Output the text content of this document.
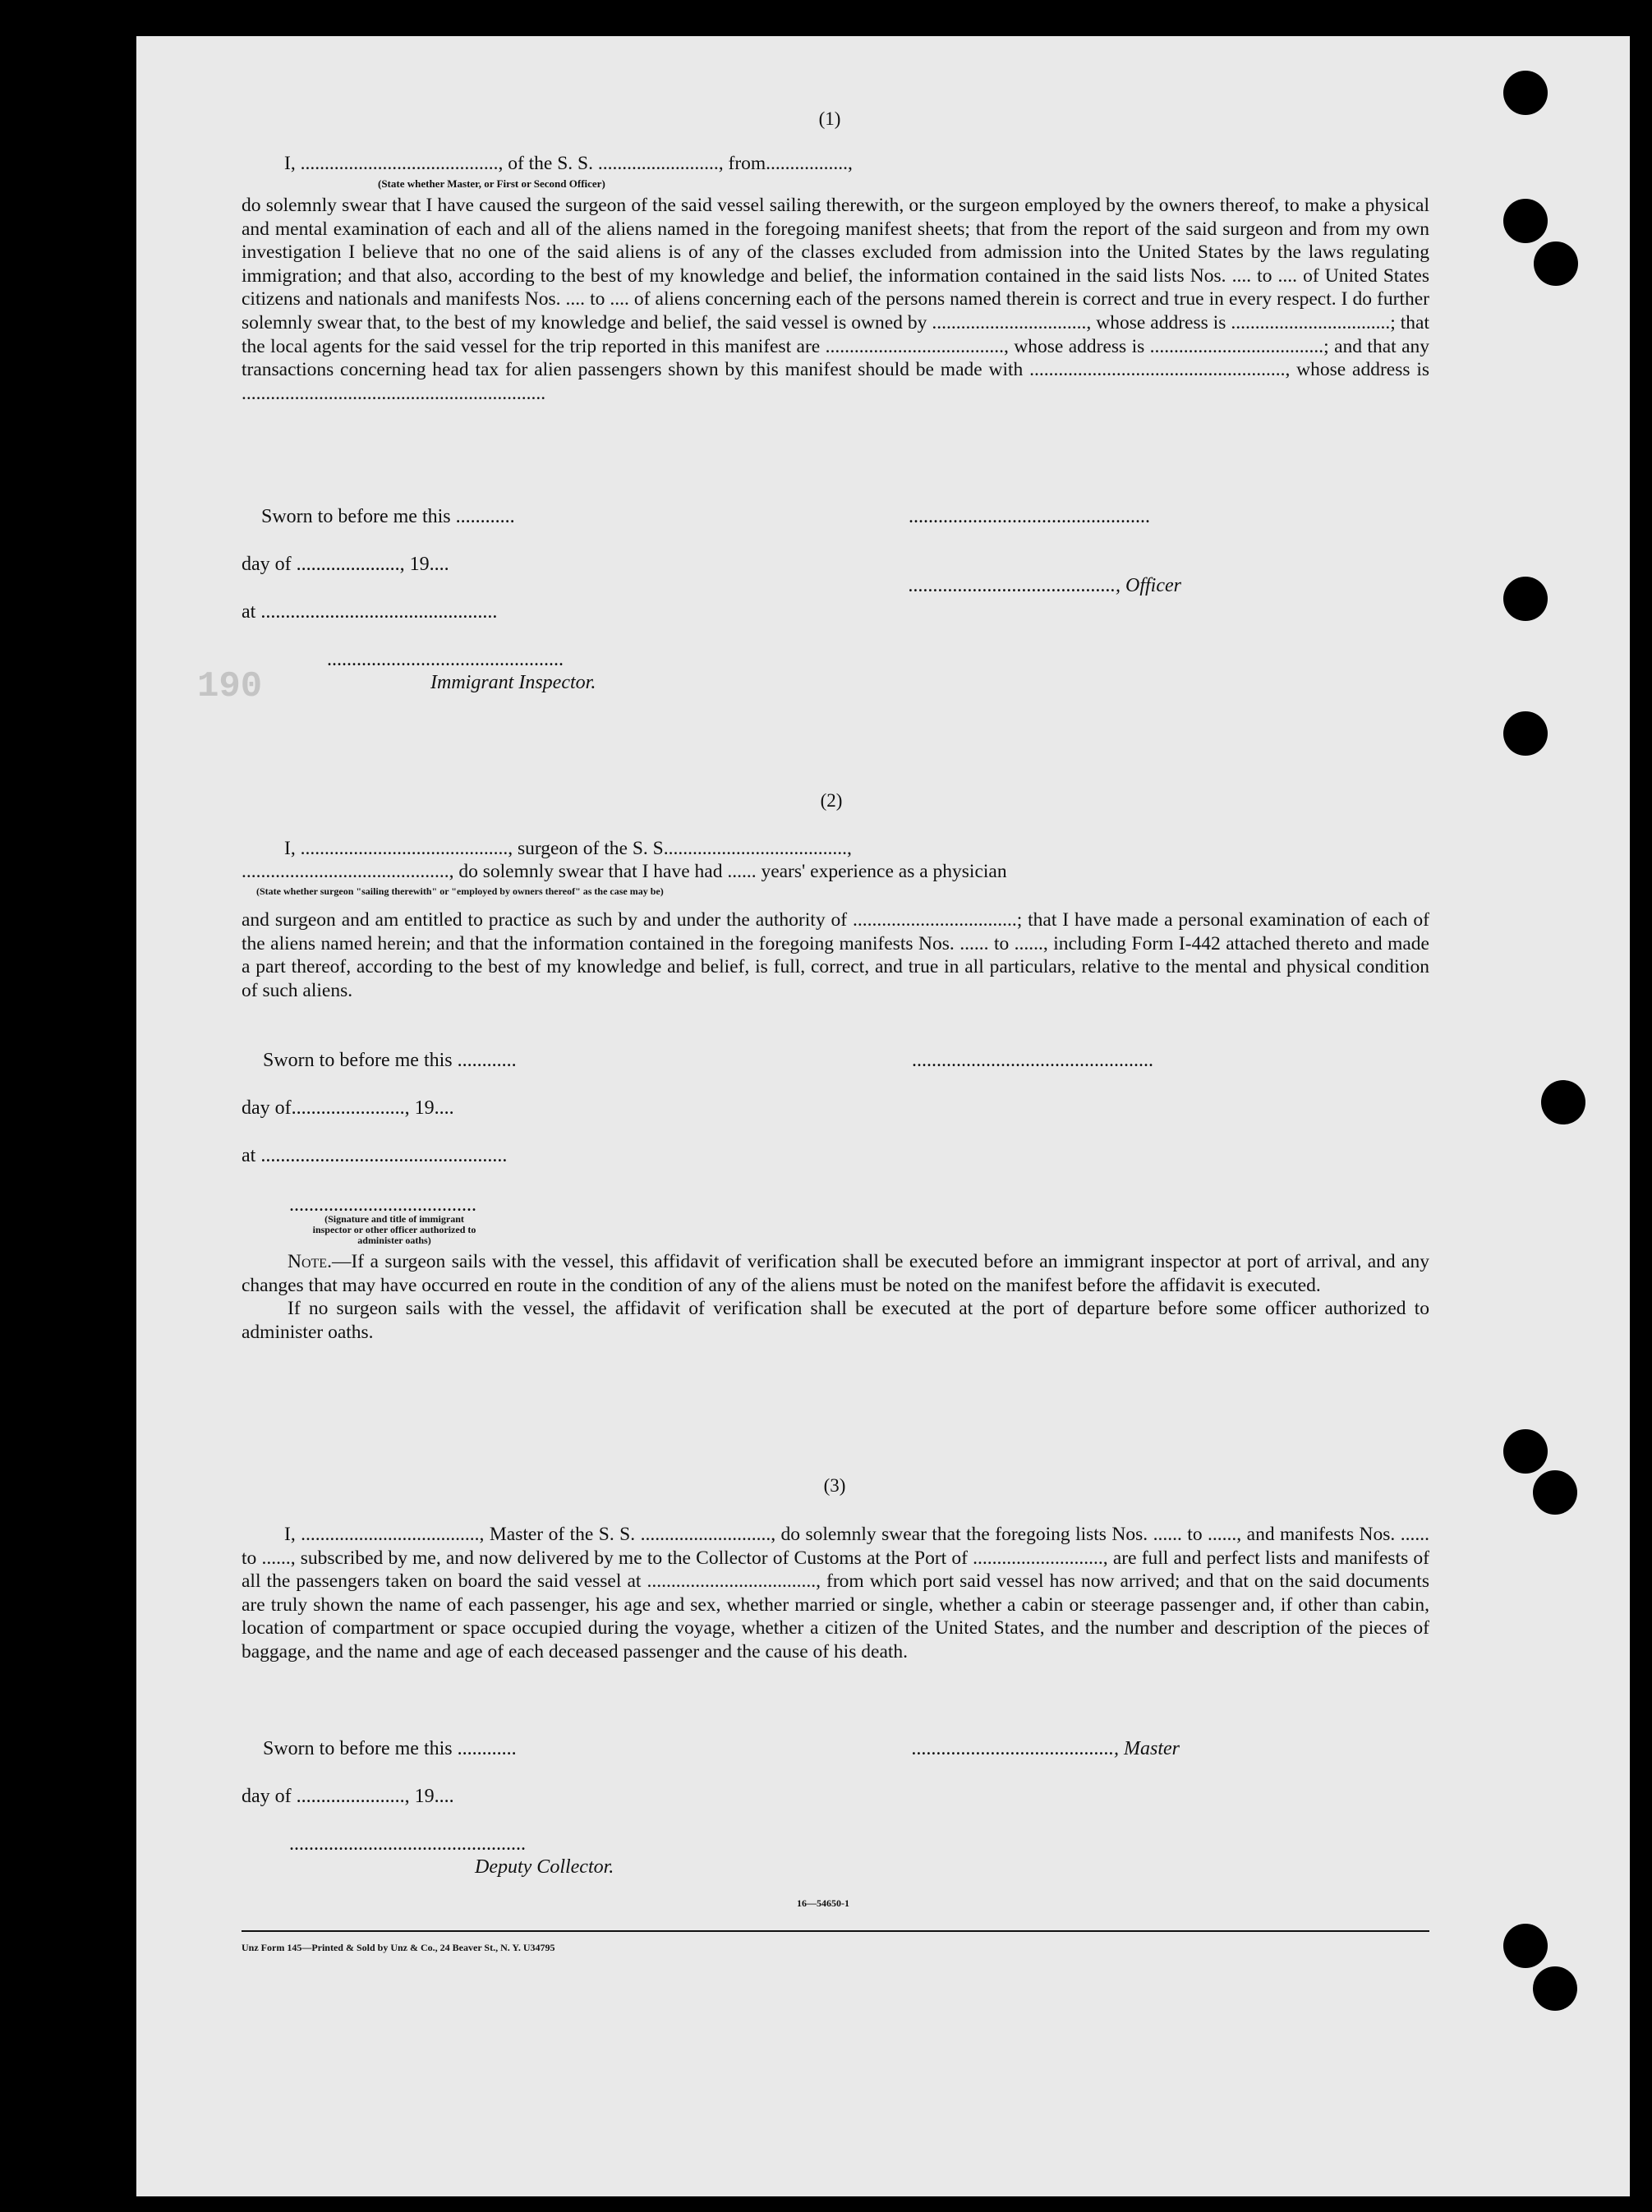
190
(1)
I, ........................................., of the S. S. ........................., from.................,
(State whether Master, or First or Second Officer)

do solemnly swear that I have caused the surgeon of the said vessel sailing therewith, or the surgeon employed by the owners thereof, to make a physical and mental examination of each and all of the aliens named in the foregoing manifest sheets; that from the report of the said surgeon and from my own investigation I believe that no one of the said aliens is of any of the classes excluded from admission into the United States by the laws regulating immigration; and that also, according to the best of my knowledge and belief, the information contained in the said lists Nos. .... to .... of United States citizens and nationals and manifests Nos. .... to .... of aliens concerning each of the persons named therein is correct and true in every respect. I do further solemnly swear that, to the best of my knowledge and belief, the said vessel is owned by ................................, whose address is .................................; that the local agents for the said vessel for the trip reported in this manifest are ....................................., whose address is ....................................; and that any transactions concerning head tax for alien passengers shown by this manifest should be made with ....................................................., whose address is ...............................................................

Sworn to before me this ............	.................................................
day of ....................., 19....
.........................................., Officer
at ................................................
................................................
Immigrant Inspector.
(2)
I, ..........................................., surgeon of the S. S......................................,
..........................................., do solemnly swear that I have had ...... years' experience as a physician
(State whether surgeon "sailing therewith" or "employed by owners thereof" as the case may be)

and surgeon and am entitled to practice as such by and under the authority of ..................................; that I have made a personal examination of each of the aliens named herein; and that the information contained in the foregoing manifests Nos. ...... to ......, including Form I-442 attached thereto and made a part thereof, according to the best of my knowledge and belief, is full, correct, and true in all particulars, relative to the mental and physical condition of such aliens.

Sworn to before me this ............	.................................................
day of......................., 19....
at ..................................................
......................................
(Signature and title of immigrant inspector or other officer authorized to administer oaths)

Note.—If a surgeon sails with the vessel, this affidavit of verification shall be executed before an immigrant inspector at port of arrival, and any changes that may have occurred en route in the condition of any of the aliens must be noted on the manifest before the affidavit is executed.

If no surgeon sails with the vessel, the affidavit of verification shall be executed at the port of departure before some officer authorized to administer oaths.

(3)

I, ....................................., Master of the S. S. ..........................., do solemnly swear that the foregoing lists Nos. ...... to ......, and manifests Nos. ...... to ......, subscribed by me, and now delivered by me to the Collector of Customs at the Port of ..........................., are full and perfect lists and manifests of all the passengers taken on board the said vessel at ..................................., from which port said vessel has now arrived; and that on the said documents are truly shown the name of each passenger, his age and sex, whether married or single, whether a cabin or steerage passenger and, if other than cabin, location of compartment or space occupied during the voyage, whether a citizen of the United States, and the number and description of the pieces of baggage, and the name and age of each deceased passenger and the cause of his death.

Sworn to before me this ............	........................................., Master
day of ......................, 19....
................................................
Deputy Collector.
16—54650-1
Unz Form 145—Printed & Sold by Unz & Co., 24 Beaver St., N. Y. U34795
